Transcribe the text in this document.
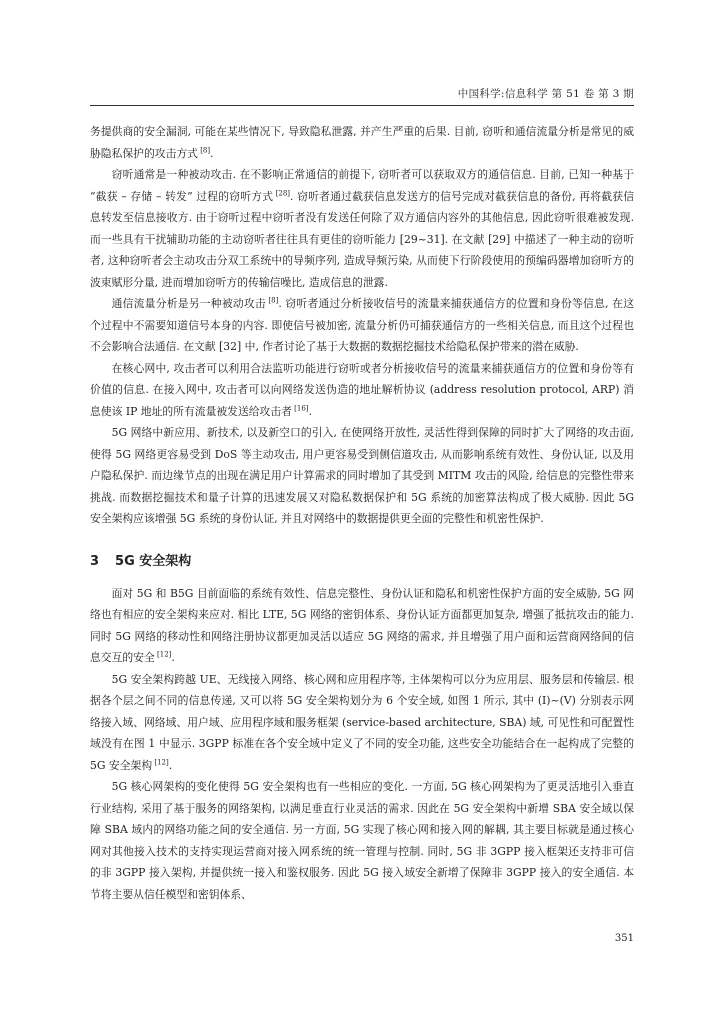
中国科学:信息科学 第 51 卷 第 3 期

务提供商的安全漏洞, 可能在某些情况下, 导致隐私泄露, 并产生严重的后果. 目前, 窃听和通信流量分析是常见的威胁隐私保护的攻击方式 [8].

窃听通常是一种被动攻击. 在不影响正常通信的前提下, 窃听者可以获取双方的通信信息. 目前, 已知一种基于 “截获 – 存储 – 转发” 过程的窃听方式 [28]. 窃听者通过截获信息发送方的信号完成对截获信息的备份, 再将截获信息转发至信息接收方. 由于窃听过程中窃听者没有发送任何除了双方通信内容外的其他信息, 因此窃听很难被发现. 而一些具有干扰辅助功能的主动窃听者往往具有更佳的窃听能力 [29~31]. 在文献 [29] 中描述了一种主动的窃听者, 这种窃听者会主动攻击分双工系统中的导频序列, 造成导频污染, 从而使下行阶段使用的预编码器增加窃听方的波束赋形分量, 进而增加窃听方的传输信噪比, 造成信息的泄露.

通信流量分析是另一种被动攻击 [8]. 窃听者通过分析接收信号的流量来捕获通信方的位置和身份等信息, 在这个过程中不需要知道信号本身的内容. 即使信号被加密, 流量分析仍可捕获通信方的一些相关信息, 而且这个过程也不会影响合法通信. 在文献 [32] 中, 作者讨论了基于大数据的数据挖掘技术给隐私保护带来的潜在威胁.

在核心网中, 攻击者可以利用合法监听功能进行窃听或者分析接收信号的流量来捕获通信方的位置和身份等有价值的信息. 在接入网中, 攻击者可以向网络发送伪造的地址解析协议 (address resolution protocol, ARP) 消息使该 IP 地址的所有流量被发送给攻击者 [16].

5G 网络中新应用、新技术, 以及新空口的引入, 在使网络开放性, 灵活性得到保障的同时扩大了网络的攻击面, 使得 5G 网络更容易受到 DoS 等主动攻击, 用户更容易受到侧信道攻击, 从而影响系统有效性、身份认证, 以及用户隐私保护. 而边缘节点的出现在满足用户计算需求的同时增加了其受到 MITM 攻击的风险, 给信息的完整性带来挑战. 而数据挖掘技术和量子计算的迅速发展又对隐私数据保护和 5G 系统的加密算法构成了极大威胁. 因此 5G 安全架构应该增强 5G 系统的身份认证, 并且对网络中的数据提供更全面的完整性和机密性保护.

3 5G 安全架构

面对 5G 和 B5G 目前面临的系统有效性、信息完整性、身份认证和隐私和机密性保护方面的安全威胁, 5G 网络也有相应的安全架构来应对. 相比 LTE, 5G 网络的密钥体系、身份认证方面都更加复杂, 增强了抵抗攻击的能力. 同时 5G 网络的移动性和网络注册协议都更加灵活以适应 5G 网络的需求, 并且增强了用户面和运营商网络间的信息交互的安全 [12].

5G 安全架构跨越 UE、无线接入网络、核心网和应用程序等, 主体架构可以分为应用层、服务层和传输层. 根据各个层之间不同的信息传递, 又可以将 5G 安全架构划分为 6 个安全域, 如图 1 所示, 其中 (I)~(V) 分别表示网络接入域、网络域、用户域、应用程序域和服务框架 (service-based architecture, SBA) 域, 可见性和可配置性域没有在图 1 中显示. 3GPP 标准在各个安全域中定义了不同的安全功能, 这些安全功能结合在一起构成了完整的 5G 安全架构 [12].

5G 核心网架构的变化使得 5G 安全架构也有一些相应的变化. 一方面, 5G 核心网架构为了更灵活地引入垂直行业结构, 采用了基于服务的网络架构, 以满足垂直行业灵活的需求. 因此在 5G 安全架构中新增 SBA 安全域以保障 SBA 域内的网络功能之间的安全通信. 另一方面, 5G 实现了核心网和接入网的解耦, 其主要目标就是通过核心网对其他接入技术的支持实现运营商对接入网系统的统一管理与控制. 同时, 5G 非 3GPP 接入框架还支持非可信的非 3GPP 接入架构, 并提供统一接入和鉴权服务. 因此 5G 接入域安全新增了保障非 3GPP 接入的安全通信. 本节将主要从信任模型和密钥体系、

351
